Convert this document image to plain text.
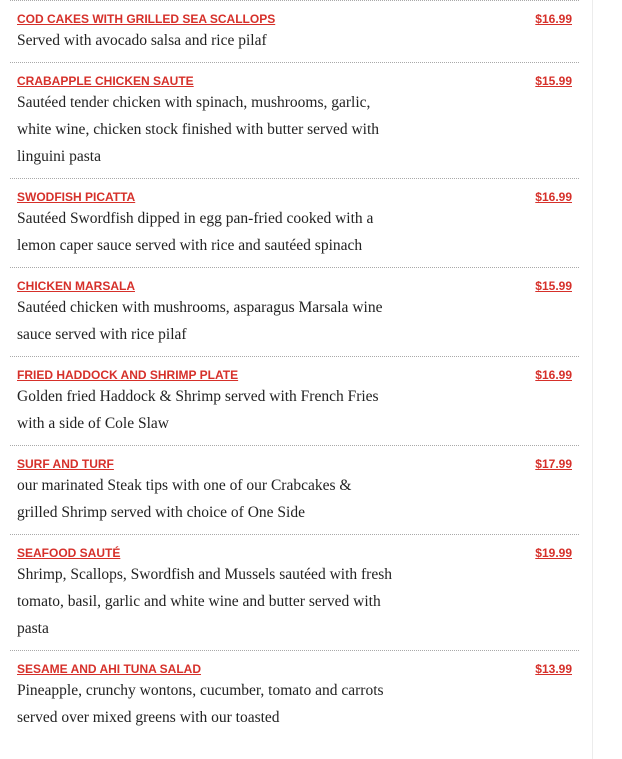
COD CAKES WITH GRILLED SEA SCALLOPS	$16.99
Served with avocado salsa and rice pilaf
CRABAPPLE CHICKEN SAUTE	$15.99
Sautéed tender chicken with spinach, mushrooms, garlic, white wine, chicken stock finished with butter served with linguini pasta
SWODFISH PICATTA	$16.99
Sautéed Swordfish dipped in egg pan-fried cooked with a lemon caper sauce served with rice and sautéed spinach
CHICKEN MARSALA	$15.99
Sautéed chicken with mushrooms, asparagus Marsala wine sauce served with rice pilaf
FRIED HADDOCK AND SHRIMP PLATE	$16.99
Golden fried Haddock & Shrimp served with French Fries with a side of Cole Slaw
SURF AND TURF	$17.99
our marinated Steak tips with one of our Crabcakes & grilled Shrimp served with choice of One Side
SEAFOOD SAUTÉ	$19.99
Shrimp, Scallops, Swordfish and Mussels sautéed with fresh tomato, basil, garlic and white wine and butter served with pasta
SESAME AND AHI TUNA SALAD	$13.99
Pineapple, crunchy wontons, cucumber, tomato and carrots served over mixed greens with our toasted
